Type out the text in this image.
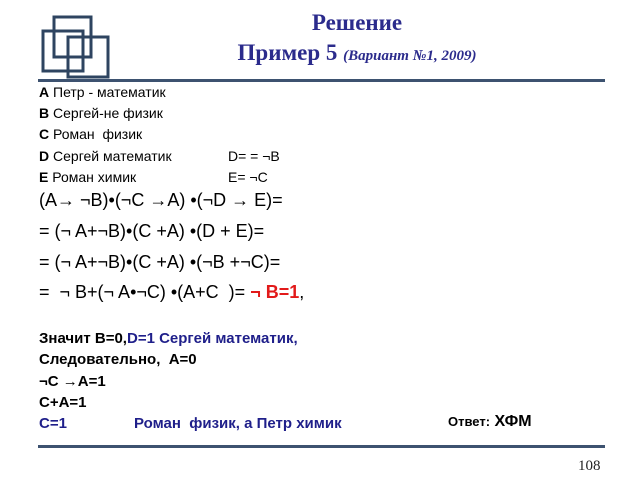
Решение
Пример 5 (Вариант №1, 2009)
A Петр - математик
B Сергей-не физик
C Роман  физик
D Сергей математик	D= = ¬B
E Роман химик	E= ¬C
(A→ ¬B)•(¬C →A) •(¬D → E)=
= (¬ A+¬B)•(C +A) •(D + E)=
= (¬ A+¬B)•(C +A) •(¬B +¬C)=
=  ¬ B+(¬ A•¬C) •(A+C  )= ¬ B=1,
Значит B=0,D=1 Сергей математик,
Следовательно,  A=0
¬C →A=1
C+A=1
C=1	Роман  физик, а Петр химик	Ответ: ХФМ
108
